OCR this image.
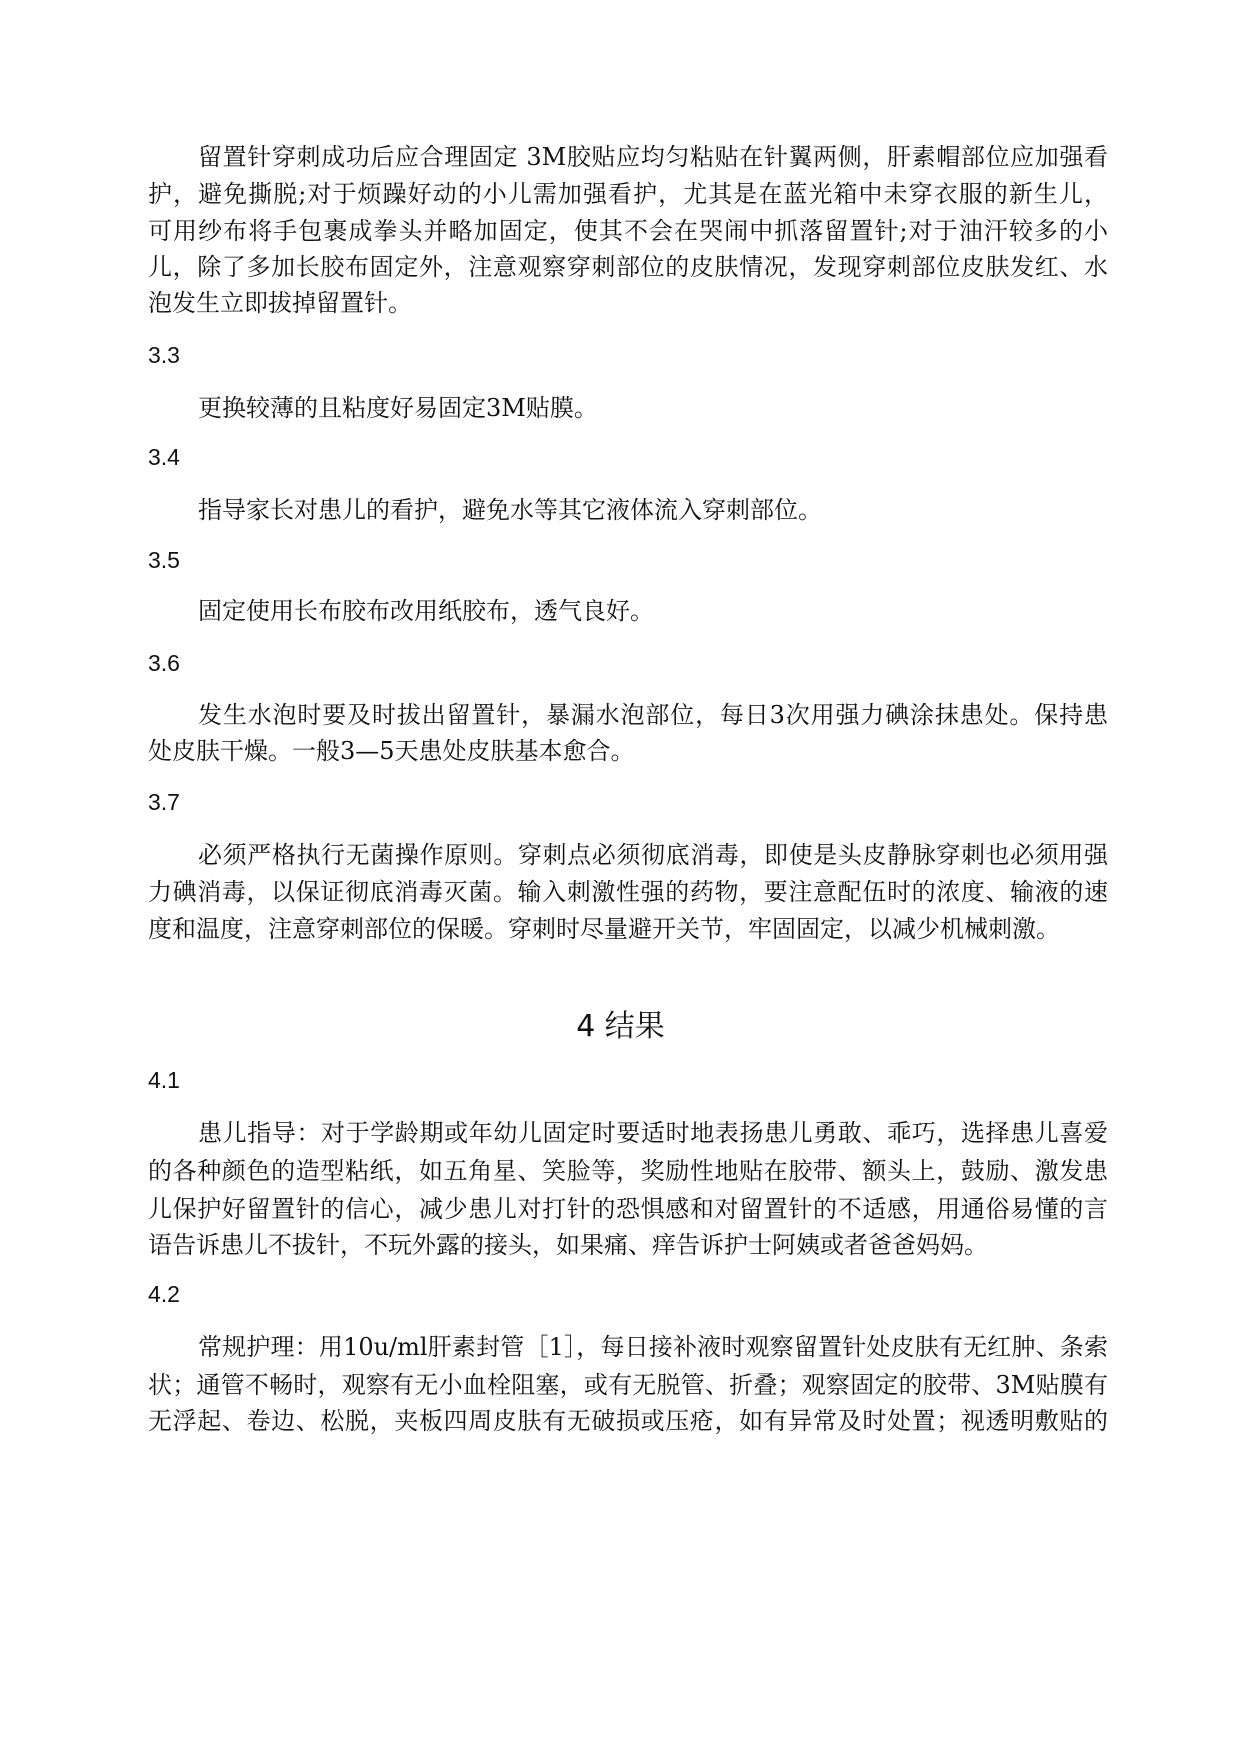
留置针穿刺成功后应合理固定 3M胶贴应均匀粘贴在针翼两侧，肝素帽部位应加强看
护，避免撕脱;对于烦躁好动的小儿需加强看护，尤其是在蓝光箱中未穿衣服的新生儿，
可用纱布将手包裹成拳头并略加固定，使其不会在哭闹中抓落留置针;对于油汗较多的小
儿，除了多加长胶布固定外，注意观察穿刺部位的皮肤情况，发现穿刺部位皮肤发红、水
泡发生立即拔掉留置针。
3.3
更换较薄的且粘度好易固定3M贴膜。
3.4
指导家长对患儿的看护，避免水等其它液体流入穿刺部位。
3.5
固定使用长布胶布改用纸胶布，透气良好。
3.6
发生水泡时要及时拔出留置针，暴漏水泡部位，每日3次用强力碘涂抹患处。保持患
处皮肤干燥。一般3—5天患处皮肤基本愈合。
3.7
必须严格执行无菌操作原则。穿刺点必须彻底消毒，即使是头皮静脉穿刺也必须用强
力碘消毒，以保证彻底消毒灭菌。输入刺激性强的药物，要注意配伍时的浓度、输液的速
度和温度，注意穿刺部位的保暖。穿刺时尽量避开关节，牢固固定，以减少机械刺激。
4 结果
4.1
患儿指导：对于学龄期或年幼儿固定时要适时地表扬患儿勇敢、乖巧，选择患儿喜爱
的各种颜色的造型粘纸，如五角星、笑脸等，奖励性地贴在胶带、额头上，鼓励、激发患
儿保护好留置针的信心，减少患儿对打针的恐惧感和对留置针的不适感，用通俗易懂的言
语告诉患儿不拔针，不玩外露的接头，如果痛、痒告诉护士阿姨或者爸爸妈妈。
4.2
常规护理：用10u/ml肝素封管［1］，每日接补液时观察留置针处皮肤有无红肿、条索
状；通管不畅时，观察有无小血栓阻塞，或有无脱管、折叠；观察固定的胶带、3M贴膜有
无浮起、卷边、松脱，夹板四周皮肤有无破损或压疮，如有异常及时处置；视透明敷贴的
